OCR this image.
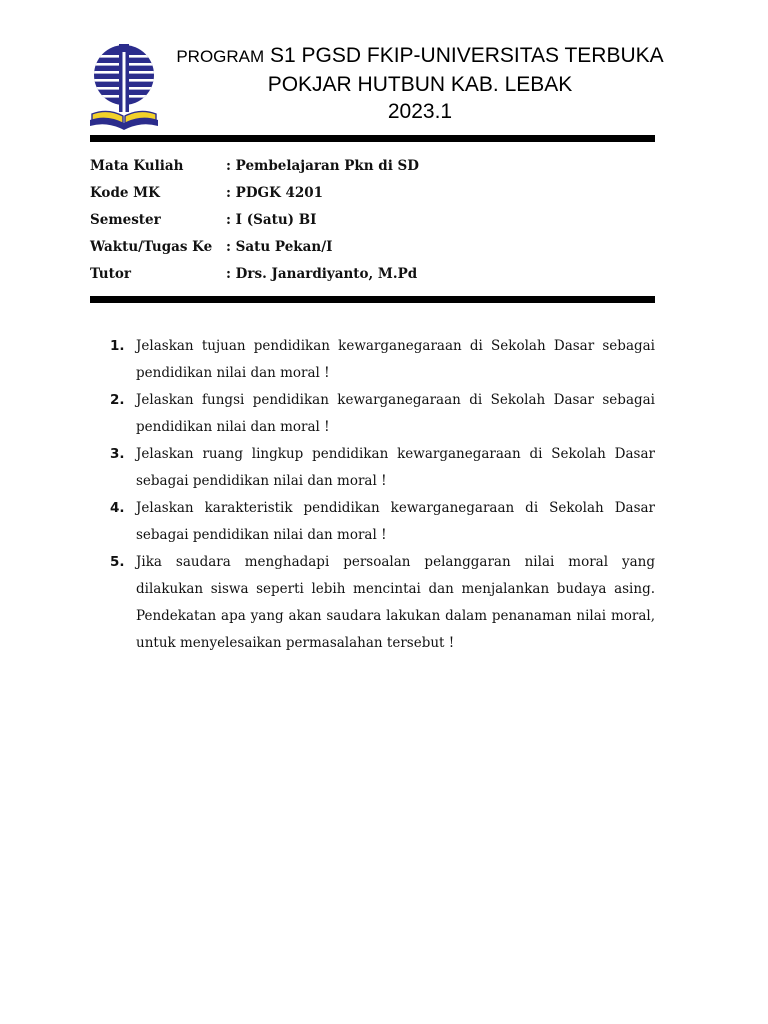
PROGRAM S1 PGSD FKIP-UNIVERSITAS TERBUKA
POKJAR HUTBUN KAB. LEBAK
2023.1
Mata Kuliah	: Pembelajaran Pkn di SD
Kode MK	: PDGK 4201
Semester	: I (Satu) BI
Waktu/Tugas Ke	: Satu Pekan/I
Tutor	: Drs. Janardiyanto, M.Pd
1. Jelaskan tujuan pendidikan kewarganegaraan di Sekolah Dasar sebagai pendidikan nilai dan moral !
2. Jelaskan fungsi pendidikan kewarganegaraan di Sekolah Dasar sebagai pendidikan nilai dan moral !
3. Jelaskan ruang lingkup pendidikan kewarganegaraan di Sekolah Dasar sebagai pendidikan nilai dan moral !
4. Jelaskan karakteristik pendidikan kewarganegaraan di Sekolah Dasar sebagai pendidikan nilai dan moral !
5. Jika saudara menghadapi persoalan pelanggaran nilai moral yang dilakukan siswa seperti lebih mencintai dan menjalankan budaya asing. Pendekatan apa yang akan saudara lakukan dalam penanaman nilai moral, untuk menyelesaikan permasalahan tersebut !
